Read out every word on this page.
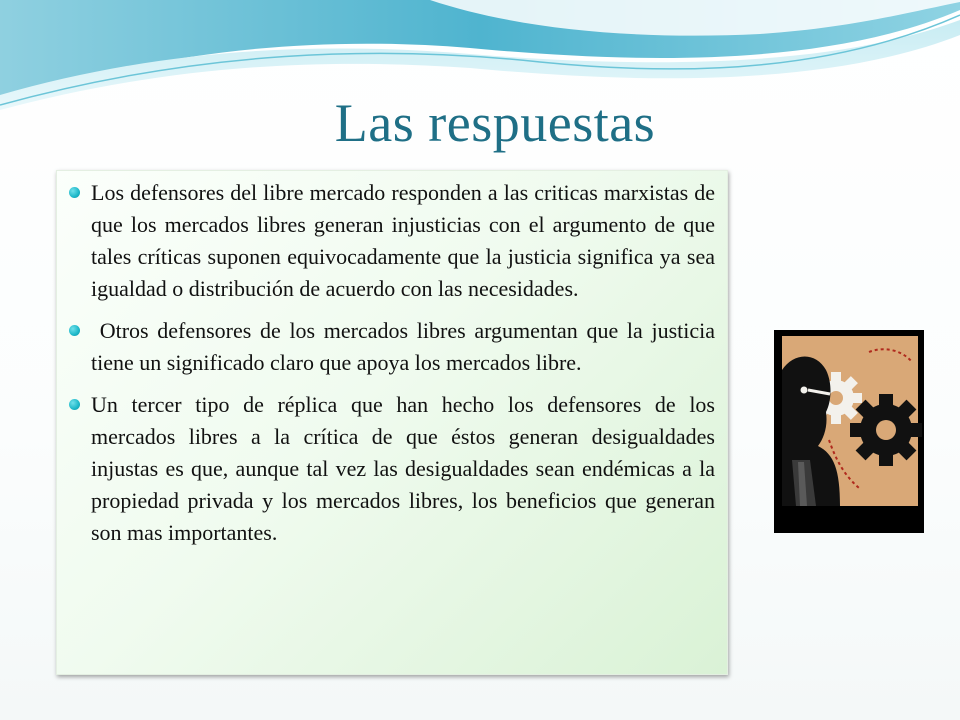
Las respuestas
Los defensores del libre mercado responden a las criticas marxistas de que los mercados libres generan injusticias con el argumento de que tales críticas suponen equivocadamente que la justicia significa ya sea igualdad o distribución de acuerdo con las necesidades.
Otros defensores de los mercados libres argumentan que la justicia tiene un significado claro que apoya los mercados libre.
Un tercer tipo de réplica que han hecho los defensores de los mercados libres a la crítica de que éstos generan desigualdades injustas es que, aunque tal vez las desigualdades sean endémicas a la propiedad privada y los mercados libres, los beneficios que generan son mas importantes.
